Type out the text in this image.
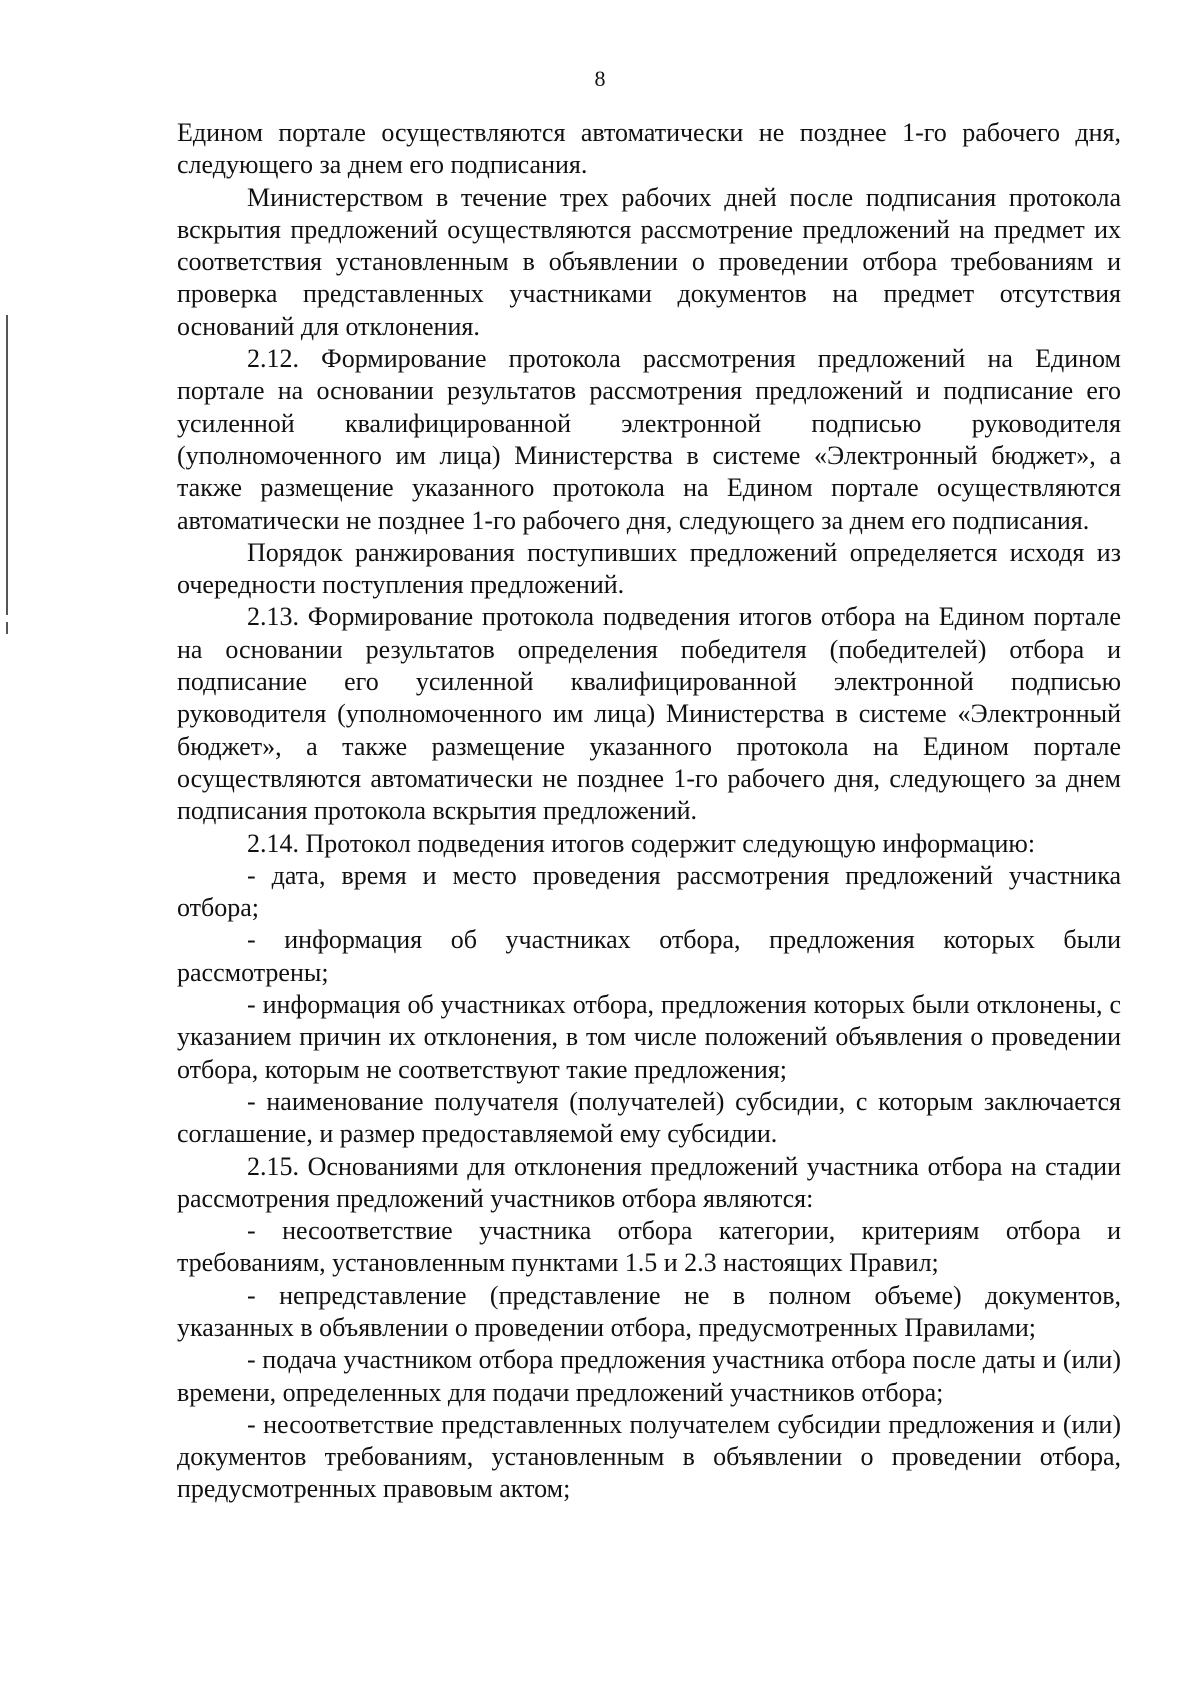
8

Едином портале осуществляются автоматически не позднее 1-го рабочего дня, следующего за днем его подписания.

Министерством в течение трех рабочих дней после подписания протокола вскрытия предложений осуществляются рассмотрение предложений на предмет их соответствия установленным в объявлении о проведении отбора требованиям и проверка представленных участниками документов на предмет отсутствия оснований для отклонения.

2.12. Формирование протокола рассмотрения предложений на Едином портале на основании результатов рассмотрения предложений и подписание его усиленной квалифицированной электронной подписью руководителя (уполномоченного им лица) Министерства в системе «Электронный бюджет», а также размещение указанного протокола на Едином портале осуществляются автоматически не позднее 1-го рабочего дня, следующего за днем его подписания.

Порядок ранжирования поступивших предложений определяется исходя из очередности поступления предложений.

2.13. Формирование протокола подведения итогов отбора на Едином портале на основании результатов определения победителя (победителей) отбора и подписание его усиленной квалифицированной электронной подписью руководителя (уполномоченного им лица) Министерства в системе «Электронный бюджет», а также размещение указанного протокола на Едином портале осуществляются автоматически не позднее 1-го рабочего дня, следующего за днем подписания протокола вскрытия предложений.

2.14. Протокол подведения итогов содержит следующую информацию:

- дата, время и место проведения рассмотрения предложений участника отбора;

- информация об участниках отбора, предложения которых были рассмотрены;

- информация об участниках отбора, предложения которых были отклонены, с указанием причин их отклонения, в том числе положений объявления о проведении отбора, которым не соответствуют такие предложения;

- наименование получателя (получателей) субсидии, с которым заключается соглашение, и размер предоставляемой ему субсидии.

2.15. Основаниями для отклонения предложений участника отбора на стадии рассмотрения предложений участников отбора являются:

- несоответствие участника отбора категории, критериям отбора и требованиям, установленным пунктами 1.5 и 2.3 настоящих Правил;

- непредставление (представление не в полном объеме) документов, указанных в объявлении о проведении отбора, предусмотренных Правилами;

- подача участником отбора предложения участника отбора после даты и (или) времени, определенных для подачи предложений участников отбора;

- несоответствие представленных получателем субсидии предложения и (или) документов требованиям, установленным в объявлении о проведении отбора, предусмотренных правовым актом;
